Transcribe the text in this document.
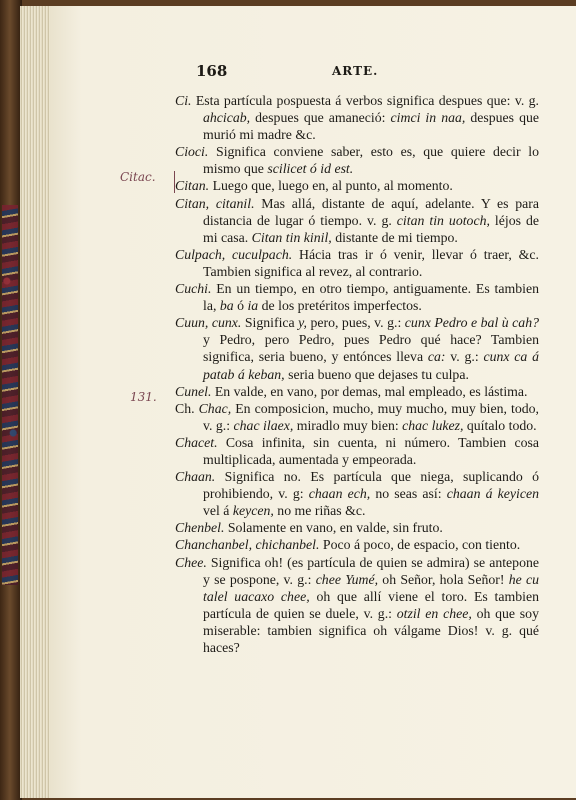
168	ARTE.
Citac.
131.

Ci. Esta partícula pospuesta á verbos significa despues que: v. g. ahcicab, despues que amaneció: cimci in naa, despues que murió mi madre &c.

Cioci. Significa conviene saber, esto es, que quiere decir lo mismo que scilicet ó id est.

Citan. Luego que, luego en, al punto, al momento.

Citan, citanil. Mas allá, distante de aquí, adelante. Y es para distancia de lugar ó tiempo. v. g. citan tin uotoch, léjos de mi casa. Citan tin kinil, distante de mi tiempo.

Culpach, cuculpach. Hácia tras ir ó venir, llevar ó traer, &c. Tambien significa al revez, al contrario.

Cuchi. En un tiempo, en otro tiempo, antiguamente. Es tambien la, ba ó ia de los pretéritos imperfectos.

Cuun, cunx. Significa y, pero, pues, v. g.: cunx Pedro e bal ù cah? y Pedro, pero Pedro, pues Pedro qué hace? Tambien significa, seria bueno, y entónces lleva ca: v. g.: cunx ca á patab á keban, seria bueno que dejases tu culpa.

Cunel. En valde, en vano, por demas, mal empleado, es lástima.

Ch. Chac, En composicion, mucho, muy mucho, muy bien, todo, v. g.: chac ilaex, miradlo muy bien: chac lukez, quítalo todo.

Chacet. Cosa infinita, sin cuenta, ni número. Tambien cosa multiplicada, aumentada y empeorada.

Chaan. Significa no. Es partícula que niega, suplicando ó prohibiendo, v. g: chaan ech, no seas así: chaan á keyicen vel á keycen, no me riñas &c.

Chenbel. Solamente en vano, en valde, sin fruto.

Chanchanbel, chichanbel. Poco á poco, de espacio, con tiento.

Chee. Significa oh! (es partícula de quien se admira) se antepone y se pospone, v. g.: chee Yumé, oh Señor, hola Señor! he cu talel uacaxo chee, oh que allí viene el toro. Es tambien partícula de quien se duele, v. g.: otzil en chee, oh que soy miserable: tambien significa oh válgame Dios! v. g. qué haces?
